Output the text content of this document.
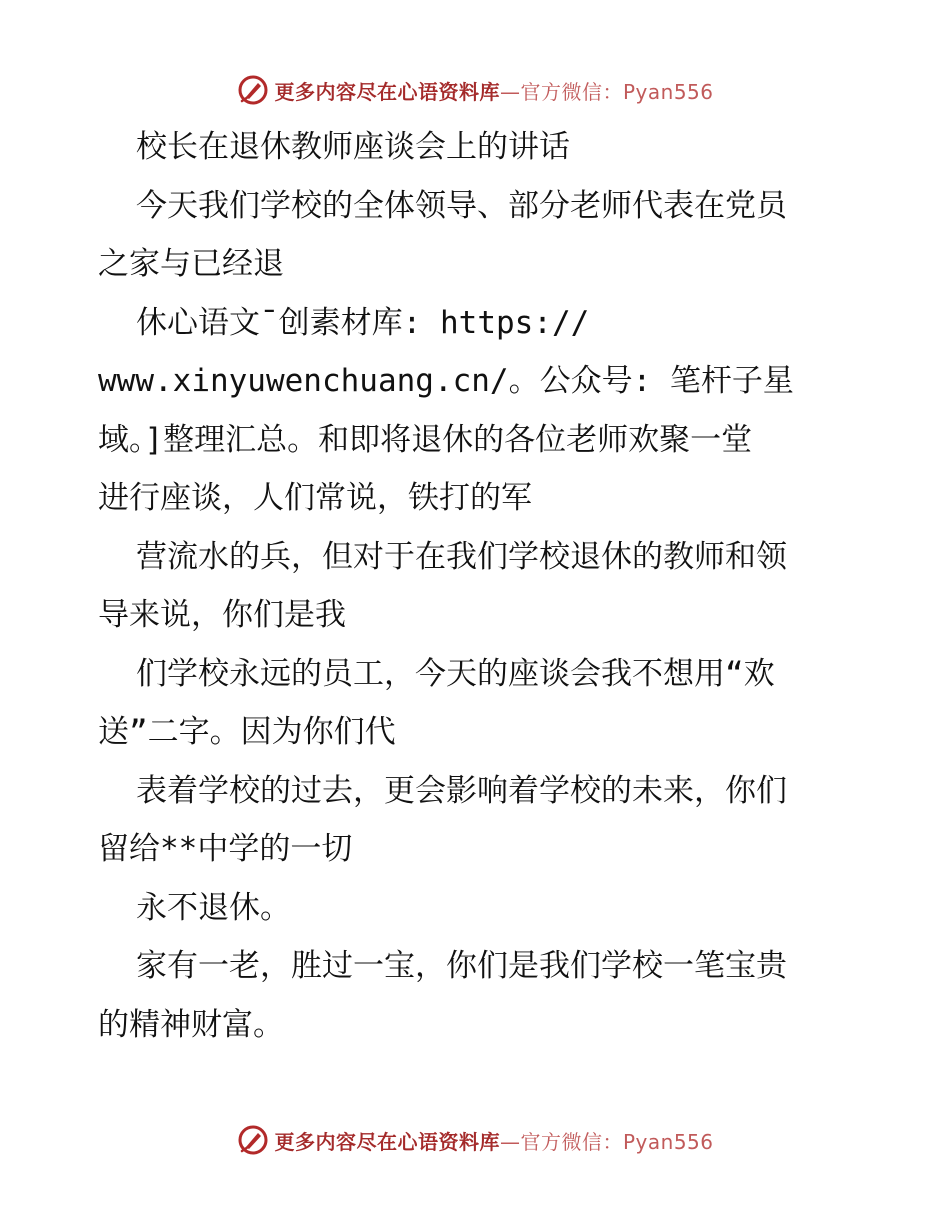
更多内容尽在心语资料库—官方微信：Pyan556
校长在退休教师座谈会上的讲话
今天我们学校的全体领导、部分老师代表在党员
之家与已经退
休心语文¯创素材库: https://
www.xinyuwenchuang.cn/。公众号: 笔杆子星
域。]整理汇总。和即将退休的各位老师欢聚一堂
进行座谈，人们常说，铁打的军
营流水的兵，但对于在我们学校退休的教师和领
导来说，你们是我
们学校永远的员工，今天的座谈会我不想用“欢
送”二字。因为你们代
表着学校的过去，更会影响着学校的未来，你们
留给**中学的一切
永不退休。
家有一老，胜过一宝，你们是我们学校一笔宝贵
的精神财富。
更多内容尽在心语资料库—官方微信：Pyan556
